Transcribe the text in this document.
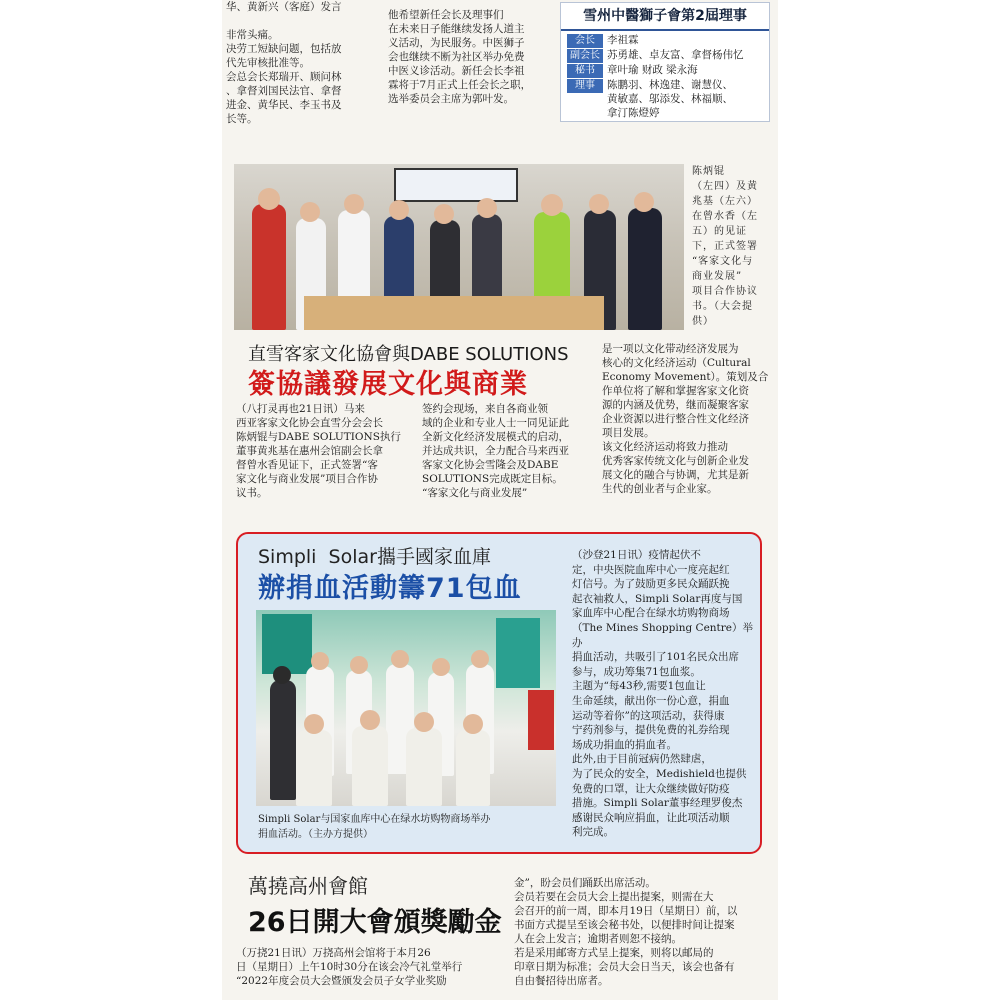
华、黄新兴（客庭）发言

非常头痛。
决劳工短缺问题，包括放
代先审核批准等。
会总会长郑瑞开、顾问林
、拿督刘国民法官、拿督
进金、黄华民、李玉书及
长等。
他希望新任会长及理事们
在未来日子能继续发扬人道主
义活动，为民服务。中医狮子
会也继续不断为社区举办免费
中医义诊活动。新任会长李祖
霖将于7月正式上任会长之职，
选举委员会主席为郭叶发。
雪州中醫獅子會第2屆理事
会长 李祖霖
副会长 苏勇雄、卓友富、拿督杨伟忆
秘书 章叶瑜 财政 梁永海
理事 陈鹏羽、林逸建、谢慧仪、
黄敏嘉、邬添发、林福顺、
拿汀陈燈婷
陈炳锟
（左四）及黄
兆基（左六）
在曾水香（左
五）的见证
下，正式签署
“客家文化与
商业发展”
项目合作协议
书。（大会提
供）
直雪客家文化協會與DABE SOLUTIONS
簽協議發展文化與商業
（八打灵再也21日讯）马来
西亚客家文化协会直雪分会会长
陈炳锟与DABE SOLUTIONS执行
董事黄兆基在惠州会馆副会长拿
督曾水香见证下，正式签署“客
家文化与商业发展”项目合作协
议书。
签约会现场，来自各商业领
域的企业和专业人士一同见证此
全新文化经济发展模式的启动，
并达成共识，全力配合马来西亚
客家文化协会雪隆会及DABE
SOLUTIONS完成既定目标。
“客家文化与商业发展”
是一项以文化带动经济发展为
核心的文化经济运动（Cultural
Economy Movement）。策划及合
作单位将了解和掌握客家文化资
源的内涵及优势，继而凝聚客家
企业资源以进行整合性文化经济
项目发展。
该文化经济运动将致力推动
优秀客家传统文化与创新企业发
展文化的融合与协调，尤其是新
生代的创业者与企业家。
Simpli  Solar攜手國家血庫
辦捐血活動籌71包血
Simpli Solar与国家血库中心在绿水坊购物商场举办
捐血活动。（主办方提供）
（沙登21日讯）疫情起伏不
定，中央医院血库中心一度亮起红
灯信号。为了鼓励更多民众踊跃挽
起衣袖救人，Simpli Solar再度与国
家血库中心配合在绿水坊购物商场
（The Mines Shopping Centre）举办
捐血活动，共吸引了101名民众出席
参与，成功筹集71包血浆。
主题为“每43秒,需要1包血让
生命延续，献出你一份心意，捐血
运动等着你”的这项活动，获得康
宁药剂参与，提供免费的礼券给现
场成功捐血的捐血者。
此外,由于目前冠病仍然肆虐，
为了民众的安全，Medishield也提供
免费的口罩，让大众继续做好防疫
措施。Simpli Solar董事经理罗俊杰
感谢民众响应捐血，让此项活动顺
利完成。
萬撓高州會館
26日開大會頒獎勵金
（万挠21日讯）万挠高州会馆将于本月26
日（星期日）上午10时30分在该会冷气礼堂举行
“2022年度会员大会暨颁发会员子女学业奖励
金”，盼会员们踊跃出席活动。
会员若要在会员大会上提出提案，则需在大
会召开的前一周，即本月19日（星期日）前，以
书面方式提呈至该会秘书处，以便排时间让提案
人在会上发言；逾期者则恕不接纳。
若是采用邮寄方式呈上提案，则将以邮局的
印章日期为标准；会员大会日当天，该会也备有
自由餐招待出席者。
